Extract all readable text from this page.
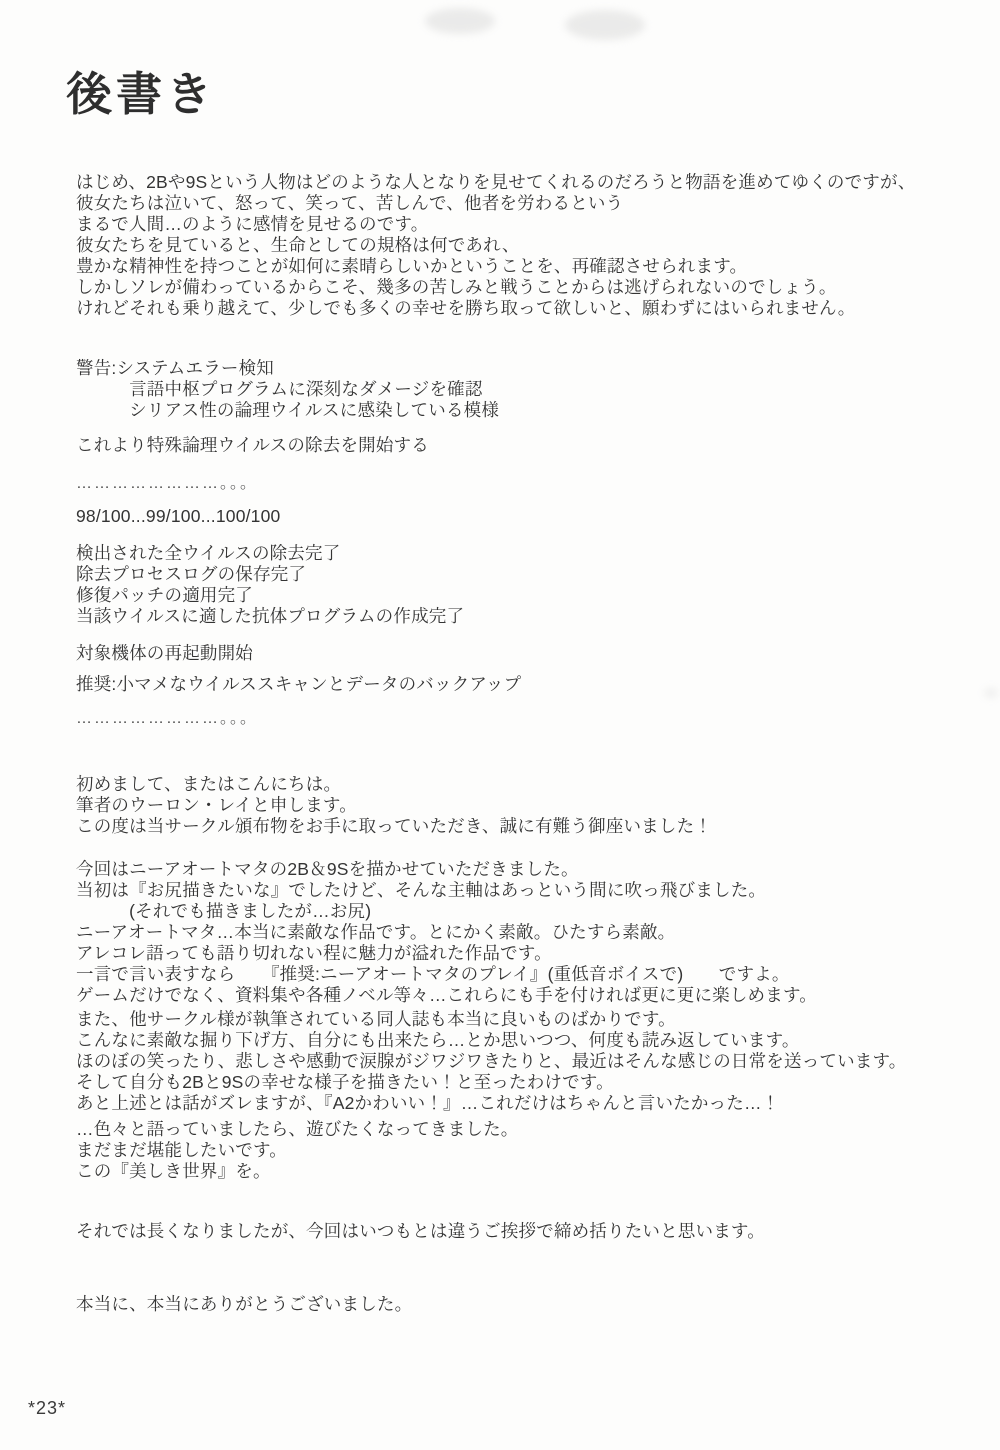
後書き
はじめ、2Bや9Sという人物はどのような人となりを見せてくれるのだろうと物語を進めてゆくのですが、
彼女たちは泣いて、怒って、笑って、苦しんで、他者を労わるという
まるで人間…のように感情を見せるのです。
彼女たちを見ていると、生命としての規格は何であれ、
豊かな精神性を持つことが如何に素晴らしいかということを、再確認させられます。
しかしソレが備わっているからこそ、幾多の苦しみと戦うことからは逃げられないのでしょう。
けれどそれも乗り越えて、少しでも多くの幸せを勝ち取って欲しいと、願わずにはいられません。
警告:システムエラー検知
　　　言語中枢プログラムに深刻なダメージを確認
　　　シリアス性の論理ウイルスに感染している模様
これより特殊論理ウイルスの除去を開始する
……………………。。。
98/100...99/100...100/100
検出された全ウイルスの除去完了
除去プロセスログの保存完了
修復パッチの適用完了
当該ウイルスに適した抗体プログラムの作成完了
対象機体の再起動開始
推奨:小マメなウイルススキャンとデータのバックアップ
……………………。。。
初めまして、またはこんにちは。
筆者のウーロン・レイと申します。
この度は当サークル頒布物をお手に取っていただき、誠に有難う御座いました！
今回はニーアオートマタの2B＆9Sを描かせていただきました。
当初は『お尻描きたいな』でしたけど、そんな主軸はあっという間に吹っ飛びました。
　　　(それでも描きましたが…お尻)
ニーアオートマタ…本当に素敵な作品です。とにかく素敵。ひたすら素敵。
アレコレ語っても語り切れない程に魅力が溢れた作品です。
一言で言い表すなら　　『推奨:ニーアオートマタのプレイ』(重低音ボイスで)　　ですよ。
ゲームだけでなく、資料集や各種ノベル等々…これらにも手を付ければ更に更に楽しめます。
また、他サークル様が執筆されている同人誌も本当に良いものばかりです。
こんなに素敵な掘り下げ方、自分にも出来たら…とか思いつつ、何度も読み返しています。
ほのぼの笑ったり、悲しさや感動で涙腺がジワジワきたりと、最近はそんな感じの日常を送っています。
そして自分も2Bと9Sの幸せな様子を描きたい！と至ったわけです。
あと上述とは話がズレますが、『A2かわいい！』…これだけはちゃんと言いたかった…！
…色々と語っていましたら、遊びたくなってきました。
まだまだ堪能したいです。
この『美しき世界』を。
それでは長くなりましたが、今回はいつもとは違うご挨拶で締め括りたいと思います。
本当に、本当にありがとうございました。
*23*
